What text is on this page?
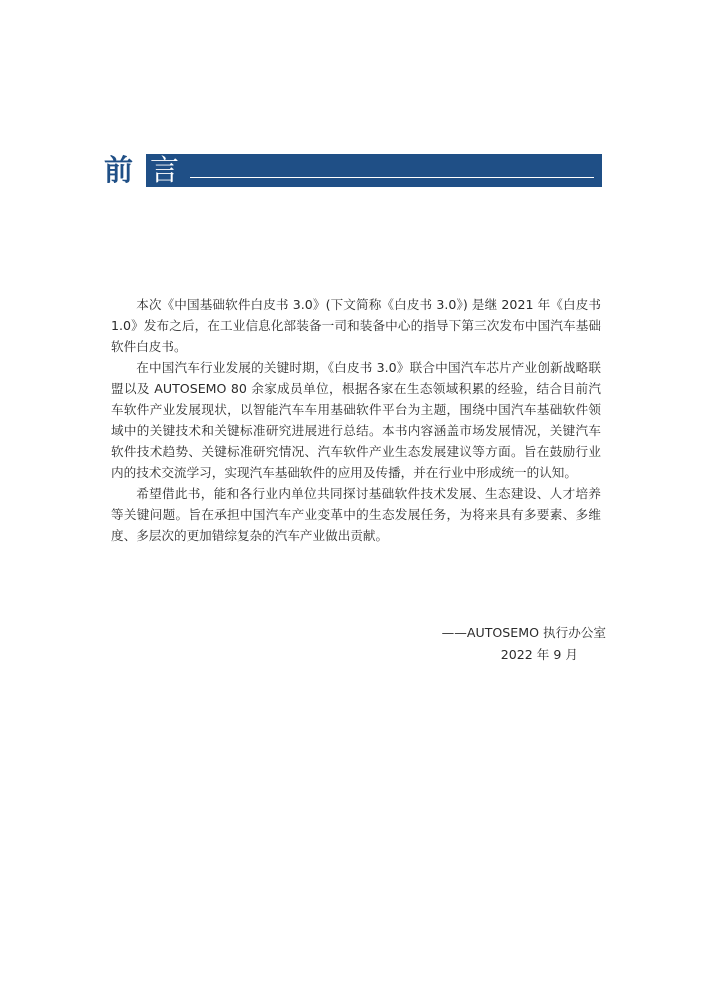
前 言

本次《中国基础软件白皮书 3.0》(下文简称《白皮书 3.0》) 是继 2021 年《白皮书 1.0》发布之后，在工业信息化部装备一司和装备中心的指导下第三次发布中国汽车基础软件白皮书。

在中国汽车行业发展的关键时期，《白皮书 3.0》联合中国汽车芯片产业创新战略联盟以及 AUTOSEMO 80 余家成员单位，根据各家在生态领域积累的经验，结合目前汽车软件产业发展现状，以智能汽车车用基础软件平台为主题，围绕中国汽车基础软件领域中的关键技术和关键标准研究进展进行总结。本书内容涵盖市场发展情况，关键汽车软件技术趋势、关键标准研究情况、汽车软件产业生态发展建议等方面。旨在鼓励行业内的技术交流学习，实现汽车基础软件的应用及传播，并在行业中形成统一的认知。

希望借此书，能和各行业内单位共同探讨基础软件技术发展、生态建设、人才培养等关键问题。旨在承担中国汽车产业变革中的生态发展任务，为将来具有多要素、多维度、多层次的更加错综复杂的汽车产业做出贡献。

——AUTOSEMO 执行办公室
2022 年 9 月
